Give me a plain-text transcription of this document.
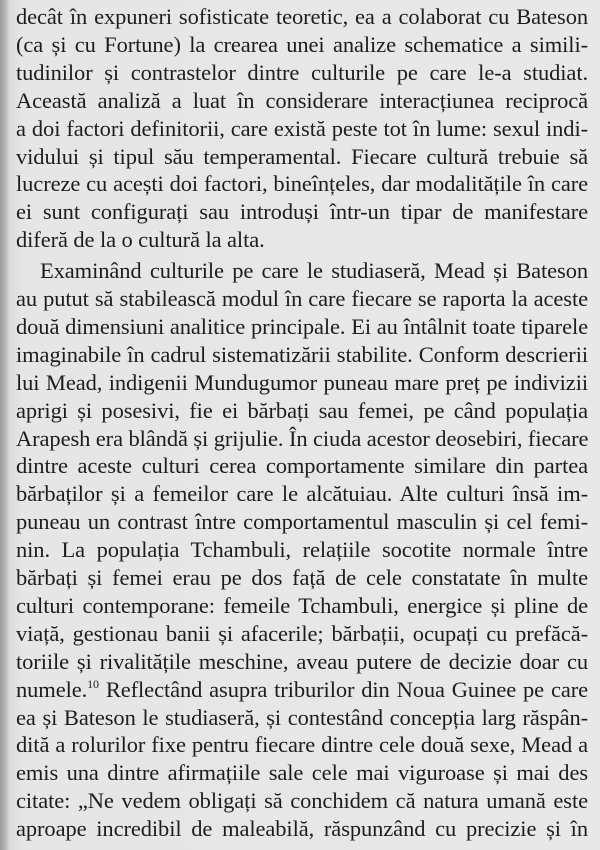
decât în expuneri sofisticate teoretic, ea a colaborat cu Bateson
(ca și cu Fortune) la crearea unei analize schematice a simili-
tudinilor și contrastelor dintre culturile pe care le-a studiat.
Această analiză a luat în considerare interacțiunea reciprocă
a doi factori definitorii, care există peste tot în lume: sexul indi-
vidului și tipul său temperamental. Fiecare cultură trebuie să
lucreze cu acești doi factori, bineînțeles, dar modalitățile în care
ei sunt configurați sau introduși într-un tipar de manifestare
diferă de la o cultură la alta.
Examinând culturile pe care le studiaseră, Mead și Bateson
au putut să stabilească modul în care fiecare se raporta la aceste
două dimensiuni analitice principale. Ei au întâlnit toate tiparele
imaginabile în cadrul sistematizării stabilite. Conform descrierii
lui Mead, indigenii Mundugumor puneau mare preț pe indivizii
aprigi și posesivi, fie ei bărbați sau femei, pe când populația
Arapesh era blândă și grijulie. În ciuda acestor deosebiri, fiecare
dintre aceste culturi cerea comportamente similare din partea
bărbaților și a femeilor care le alcătuiau. Alte culturi însă im-
puneau un contrast între comportamentul masculin și cel femi-
nin. La populația Tchambuli, relațiile socotite normale între
bărbați și femei erau pe dos față de cele constatate în multe
culturi contemporane: femeile Tchambuli, energice și pline de
viață, gestionau banii și afacerile; bărbații, ocupați cu prefăcă-
toriile și rivalitățile meschine, aveau putere de decizie doar cu
numele.$^{10}$ Reflectând asupra triburilor din Noua Guinee pe care
ea și Bateson le studiaseră, și contestând concepția larg răspân-
dită a rolurilor fixe pentru fiecare dintre cele două sexe, Mead a
emis una dintre afirmațiile sale cele mai viguroase și mai des
citate: „Ne vedem obligați să conchidem că natura umană este
aproape incredibil de maleabilă, răspunzând cu precizie și în
